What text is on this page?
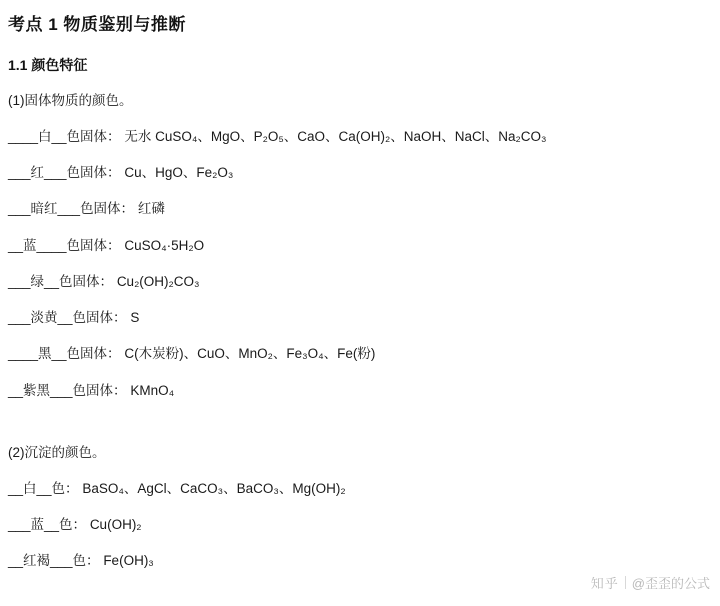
考点 1 物质鉴别与推断
1.1 颜色特征
(1)固体物质的颜色。
____白__色固体： 无水 CuSO₄、MgO、P₂O₅、CaO、Ca(OH)₂、NaOH、NaCl、Na₂CO₃
___红___色固体： Cu、HgO、Fe₂O₃
___暗红___色固体： 红磷
__蓝____色固体： CuSO₄·5H₂O
___绿__色固体： Cu₂(OH)₂CO₃
___淡黄__色固体： S
____黑__色固体： C(木炭粉)、CuO、MnO₂、Fe₃O₄、Fe(粉)
__紫黑___色固体： KMnO₄
(2)沉淀的颜色。
__白__色： BaSO₄、AgCl、CaCO₃、BaCO₃、Mg(OH)₂
___蓝__色： Cu(OH)₂
__红褐___色： Fe(OH)₃
知乎 @歪歪的公式
